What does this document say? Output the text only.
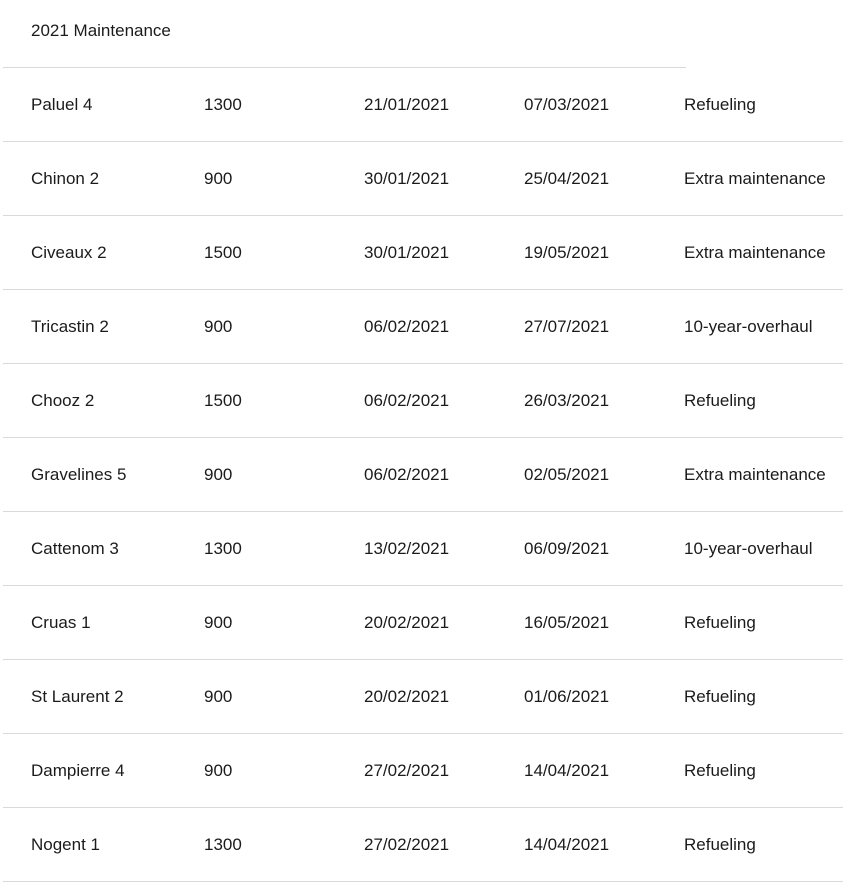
2021 Maintenance
Paluel 4	1300	21/01/2021	07/03/2021	Refueling
Chinon 2	900	30/01/2021	25/04/2021	Extra maintenance
Civeaux 2	1500	30/01/2021	19/05/2021	Extra maintenance
Tricastin 2	900	06/02/2021	27/07/2021	10-year-overhaul
Chooz 2	1500	06/02/2021	26/03/2021	Refueling
Gravelines 5	900	06/02/2021	02/05/2021	Extra maintenance
Cattenom 3	1300	13/02/2021	06/09/2021	10-year-overhaul
Cruas 1	900	20/02/2021	16/05/2021	Refueling
St Laurent 2	900	20/02/2021	01/06/2021	Refueling
Dampierre 4	900	27/02/2021	14/04/2021	Refueling
Nogent 1	1300	27/02/2021	14/04/2021	Refueling
